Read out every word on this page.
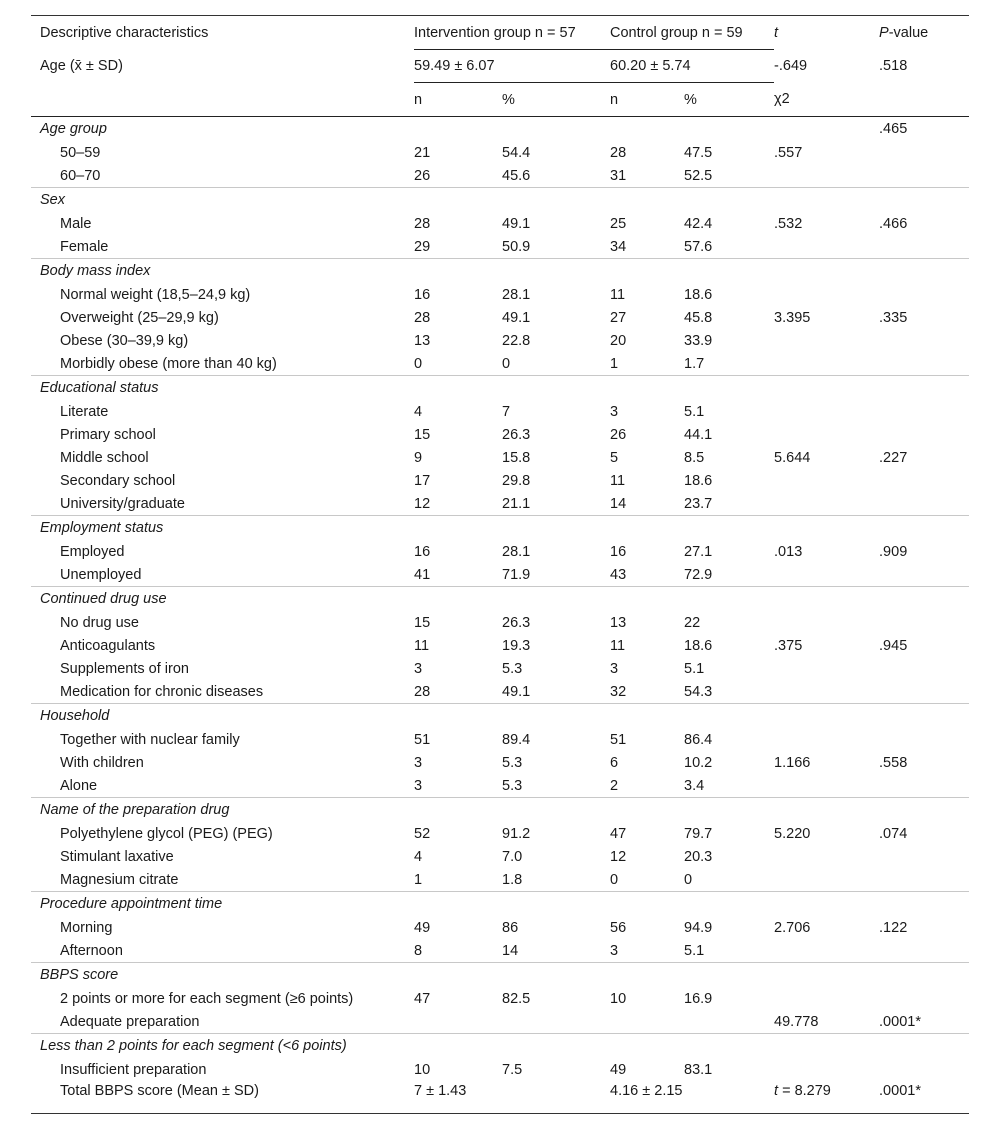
Descriptive characteristics	Intervention group n = 57		Control group n = 59		t	P-value
Age (x̄ ± SD)	59.49 ± 6.07		60.20 ± 5.74		-.649	.518
	n	%	n	%	χ2	
Age group						.465
50–59	21	54.4	28	47.5	.557	
60–70	26	45.6	31	52.5		
Sex						
Male	28	49.1	25	42.4	.532	.466
Female	29	50.9	34	57.6		
Body mass index						
Normal weight (18,5–24,9 kg)	16	28.1	11	18.6		
Overweight (25–29,9 kg)	28	49.1	27	45.8	3.395	.335
Obese (30–39,9 kg)	13	22.8	20	33.9		
Morbidly obese (more than 40 kg)	0	0	1	1.7		
Educational status						
Literate	4	7	3	5.1		
Primary school	15	26.3	26	44.1		
Middle school	9	15.8	5	8.5	5.644	.227
Secondary school	17	29.8	11	18.6		
University/graduate	12	21.1	14	23.7		
Employment status						
Employed	16	28.1	16	27.1	.013	.909
Unemployed	41	71.9	43	72.9		
Continued drug use						
No drug use	15	26.3	13	22		
Anticoagulants	11	19.3	11	18.6	.375	.945
Supplements of iron	3	5.3	3	5.1		
Medication for chronic diseases	28	49.1	32	54.3		
Household						
Together with nuclear family	51	89.4	51	86.4		
With children	3	5.3	6	10.2	1.166	.558
Alone	3	5.3	2	3.4		
Name of the preparation drug						
Polyethylene glycol (PEG) (PEG)	52	91.2	47	79.7	5.220	.074
Stimulant laxative	4	7.0	12	20.3		
Magnesium citrate	1	1.8	0	0		
Procedure appointment time						
Morning	49	86	56	94.9	2.706	.122
Afternoon	8	14	3	5.1		
BBPS score						
2 points or more for each segment (≥6 points)	47	82.5	10	16.9		
Adequate preparation					49.778	.0001*
Less than 2 points for each segment (<6 points)						
Insufficient preparation	10	7.5	49	83.1		
Total BBPS score (Mean ± SD)	7 ± 1.43		4.16 ± 2.15		t = 8.279	.0001*
